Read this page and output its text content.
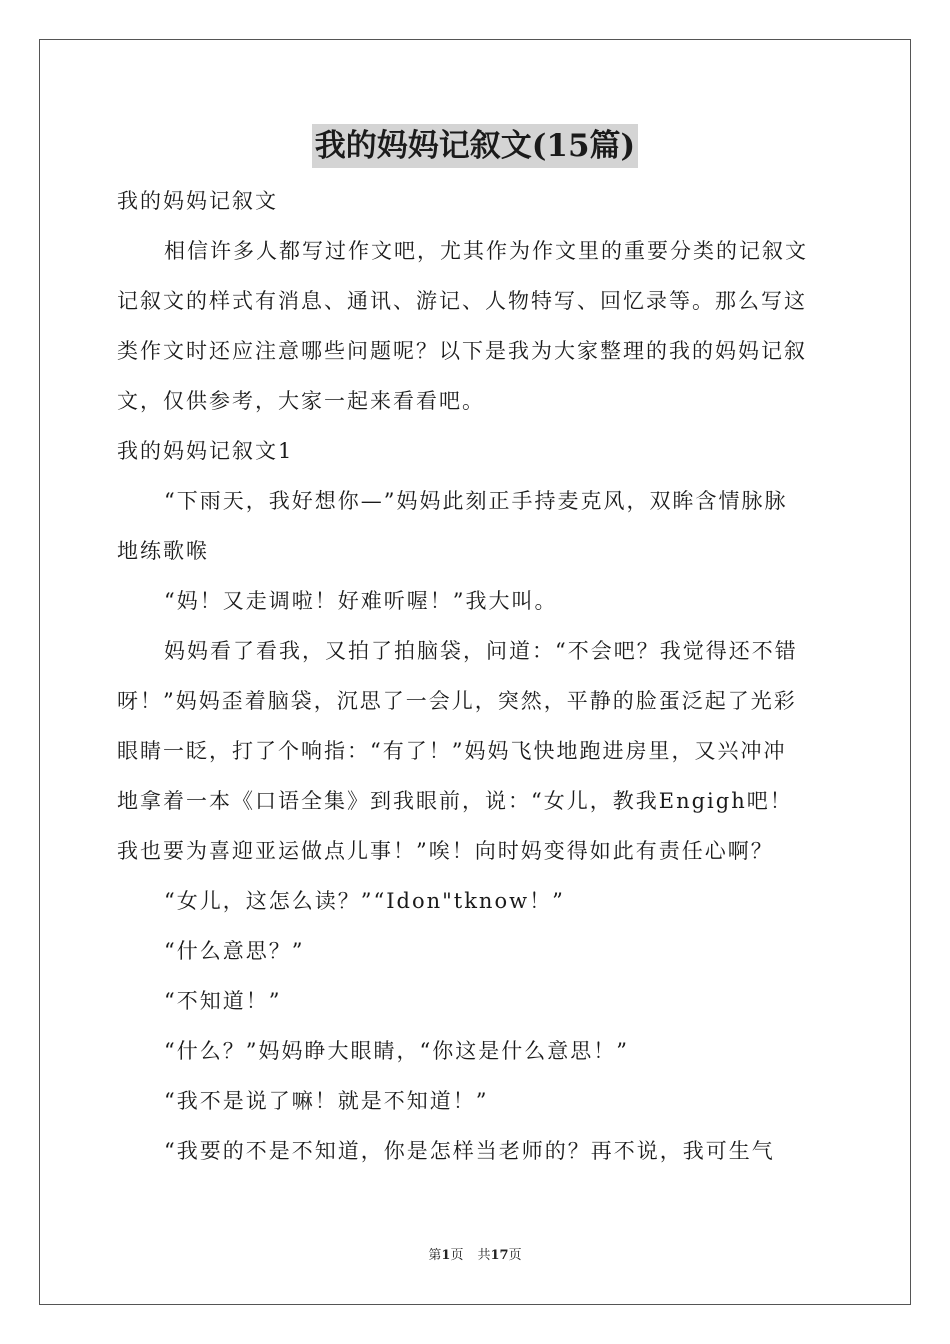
我的妈妈记叙文(15篇)
我的妈妈记叙文
相信许多人都写过作文吧，尤其作为作文里的重要分类的记叙文
记叙文的样式有消息、通讯、游记、人物特写、回忆录等。那么写这
类作文时还应注意哪些问题呢？以下是我为大家整理的我的妈妈记叙
文，仅供参考，大家一起来看看吧。
我的妈妈记叙文1
“下雨天，我好想你—”妈妈此刻正手持麦克风，双眸含情脉脉
地练歌喉
“妈！又走调啦！好难听喔！”我大叫。
妈妈看了看我，又拍了拍脑袋，问道：“不会吧？我觉得还不错
呀！”妈妈歪着脑袋，沉思了一会儿，突然，平静的脸蛋泛起了光彩
眼睛一眨，打了个响指：“有了！”妈妈飞快地跑进房里，又兴冲冲
地拿着一本《口语全集》到我眼前，说：“女儿，教我Engigh吧！
我也要为喜迎亚运做点儿事！”唉！向时妈变得如此有责任心啊？
“女儿，这怎么读？”“Idon"tknow！”
“什么意思？”
“不知道！”
“什么？”妈妈睁大眼睛，“你这是什么意思！”
“我不是说了嘛！就是不知道！”
“我要的不是不知道，你是怎样当老师的？再不说，我可生气
第1页 共17页
